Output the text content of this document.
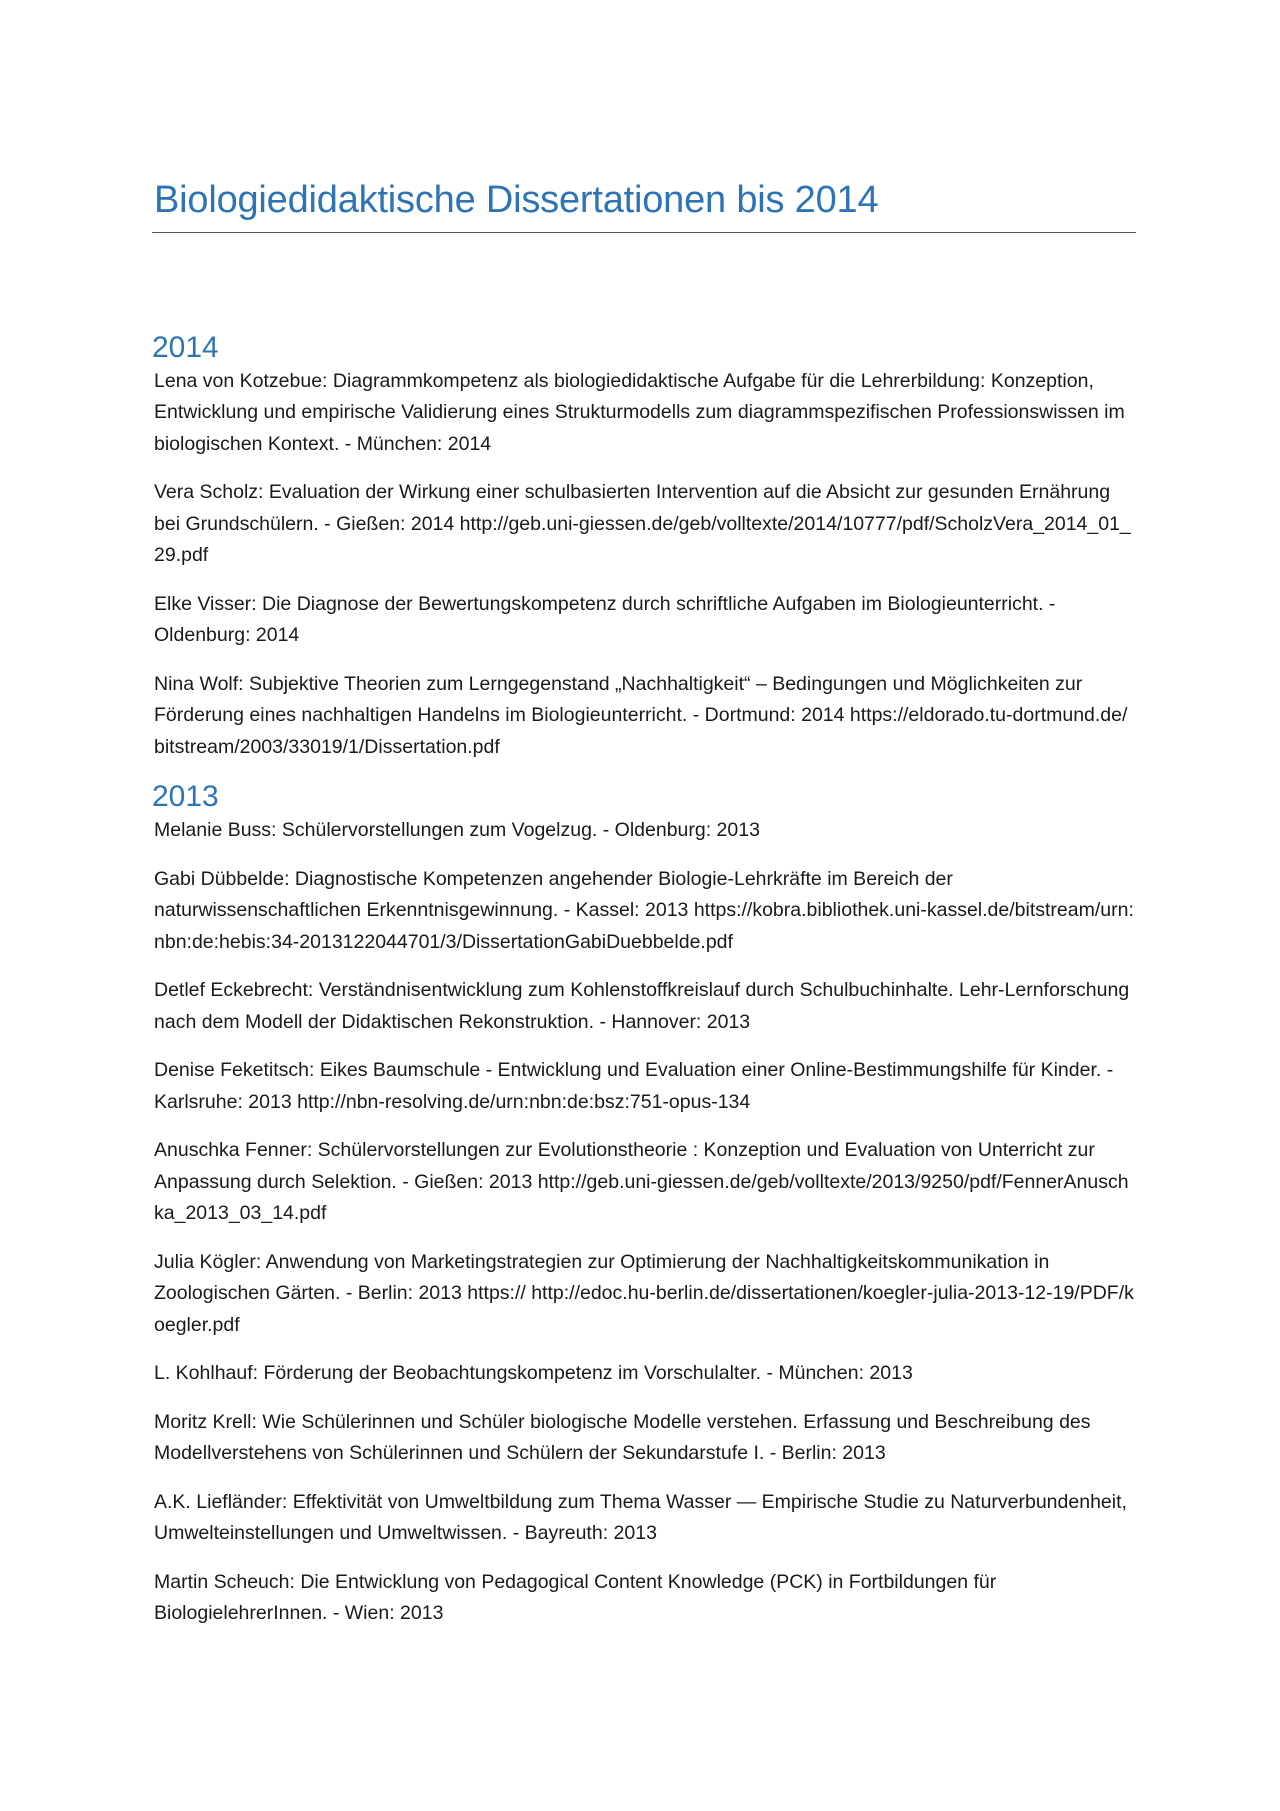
Biologiedidaktische Dissertationen bis 2014
2014

Lena von Kotzebue: Diagrammkompetenz als biologiedidaktische Aufgabe für die Lehrerbildung: Konzeption, Entwicklung und empirische Validierung eines Strukturmodells zum diagrammspezifischen Professionswissen im biologischen Kontext. - München: 2014

Vera Scholz: Evaluation der Wirkung einer schulbasierten Intervention auf die Absicht zur gesunden Ernährung bei Grundschülern. - Gießen: 2014 http://geb.uni-giessen.de/geb/volltexte/2014/10777/pdf/ScholzVera_2014_01_29.pdf

Elke Visser: Die Diagnose der Bewertungskompetenz durch schriftliche Aufgaben im Biologieunterricht. - Oldenburg: 2014

Nina Wolf: Subjektive Theorien zum Lerngegenstand „Nachhaltigkeit“ – Bedingungen und Möglichkeiten zur Förderung eines nachhaltigen Handelns im Biologieunterricht. - Dortmund: 2014 https://eldorado.tu-dortmund.de/bitstream/2003/33019/1/Dissertation.pdf

2013

Melanie Buss: Schülervorstellungen zum Vogelzug. - Oldenburg: 2013

Gabi Dübbelde: Diagnostische Kompetenzen angehender Biologie-Lehrkräfte im Bereich der naturwissenschaftlichen Erkenntnisgewinnung. - Kassel: 2013 https://kobra.bibliothek.uni-kassel.de/bitstream/urn:nbn:de:hebis:34-2013122044701/3/DissertationGabiDuebbelde.pdf

Detlef Eckebrecht: Verständnisentwicklung zum Kohlenstoffkreislauf durch Schulbuchinhalte. Lehr-Lernforschung nach dem Modell der Didaktischen Rekonstruktion. - Hannover: 2013

Denise Feketitsch: Eikes Baumschule - Entwicklung und Evaluation einer Online-Bestimmungshilfe für Kinder. - Karlsruhe: 2013 http://nbn-resolving.de/urn:nbn:de:bsz:751-opus-134

Anuschka Fenner: Schülervorstellungen zur Evolutionstheorie : Konzeption und Evaluation von Unterricht zur Anpassung durch Selektion. - Gießen: 2013 http://geb.uni-giessen.de/geb/volltexte/2013/9250/pdf/FennerAnuschka_2013_03_14.pdf

Julia Kögler: Anwendung von Marketingstrategien zur Optimierung der Nachhaltigkeitskommunikation in Zoologischen Gärten. - Berlin: 2013 https:// http://edoc.hu-berlin.de/dissertationen/koegler-julia-2013-12-19/PDF/koegler.pdf

L. Kohlhauf: Förderung der Beobachtungskompetenz im Vorschulalter. - München: 2013

Moritz Krell: Wie Schülerinnen und Schüler biologische Modelle verstehen. Erfassung und Beschreibung des Modellverstehens von Schülerinnen und Schülern der Sekundarstufe I. - Berlin: 2013

A.K. Liefländer: Effektivität von Umweltbildung zum Thema Wasser — Empirische Studie zu Naturverbundenheit, Umwelteinstellungen und Umweltwissen. - Bayreuth: 2013

Martin Scheuch: Die Entwicklung von Pedagogical Content Knowledge (PCK) in Fortbildungen für BiologielehrerInnen. - Wien: 2013
